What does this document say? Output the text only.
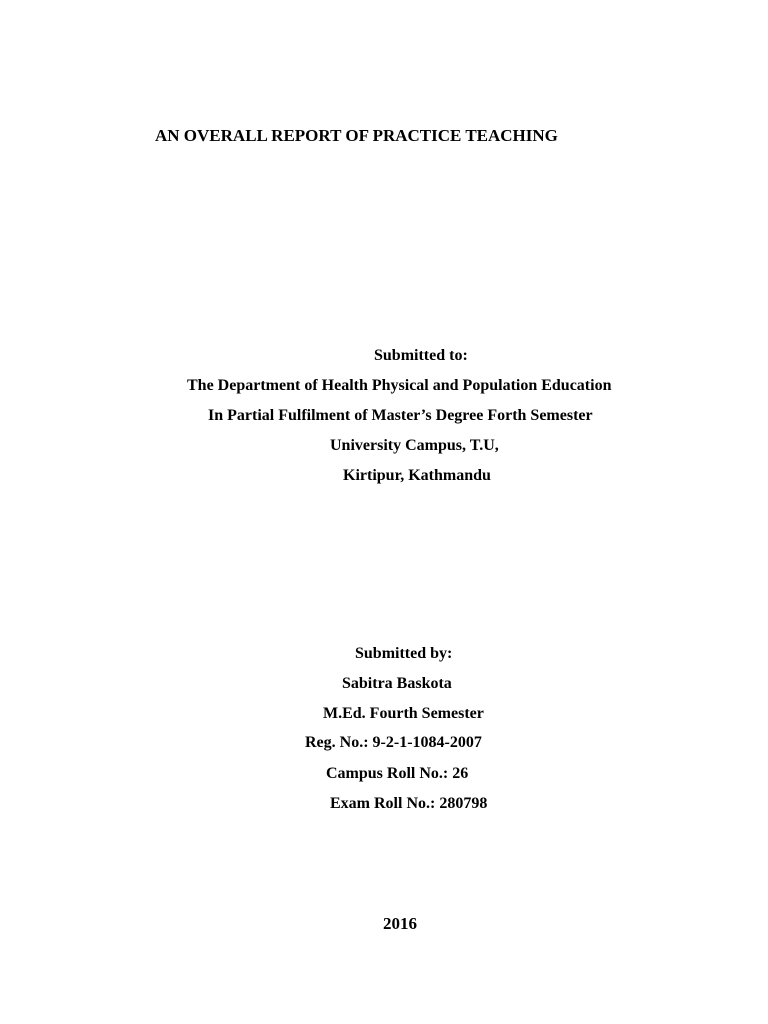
AN OVERALL REPORT OF PRACTICE TEACHING
Submitted to:
The Department of Health Physical and Population Education
In Partial Fulfilment of Master’s Degree Forth Semester
University Campus, T.U,
Kirtipur, Kathmandu
Submitted by:
Sabitra Baskota
M.Ed. Fourth Semester
Reg. No.: 9-2-1-1084-2007
Campus Roll No.: 26
Exam Roll No.: 280798
2016
